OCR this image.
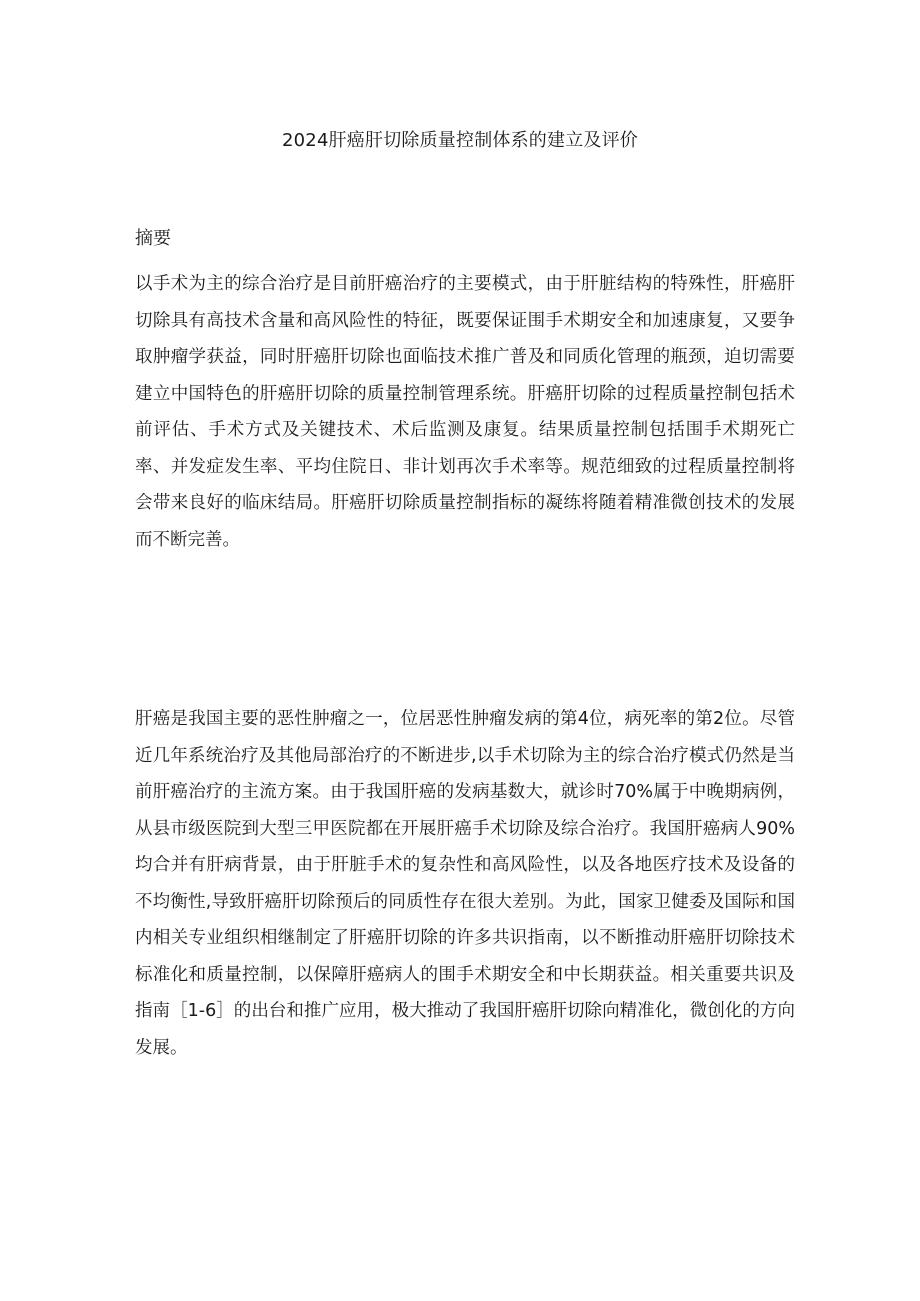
2024肝癌肝切除质量控制体系的建立及评价
摘要

以手术为主的综合治疗是目前肝癌治疗的主要模式，由于肝脏结构的特殊性，肝癌肝切除具有高技术含量和高风险性的特征，既要保证围手术期安全和加速康复，又要争取肿瘤学获益，同时肝癌肝切除也面临技术推广普及和同质化管理的瓶颈，迫切需要建立中国特色的肝癌肝切除的质量控制管理系统。肝癌肝切除的过程质量控制包括术前评估、手术方式及关键技术、术后监测及康复。结果质量控制包括围手术期死亡率、并发症发生率、平均住院日、非计划再次手术率等。规范细致的过程质量控制将会带来良好的临床结局。肝癌肝切除质量控制指标的凝练将随着精准微创技术的发展而不断完善。

肝癌是我国主要的恶性肿瘤之一，位居恶性肿瘤发病的第4位，病死率的第2位。尽管近几年系统治疗及其他局部治疗的不断进步,以手术切除为主的综合治疗模式仍然是当前肝癌治疗的主流方案。由于我国肝癌的发病基数大，就诊时70%属于中晚期病例，从县市级医院到大型三甲医院都在开展肝癌手术切除及综合治疗。我国肝癌病人90%均合并有肝病背景，由于肝脏手术的复杂性和高风险性，以及各地医疗技术及设备的不均衡性,导致肝癌肝切除预后的同质性存在很大差别。为此，国家卫健委及国际和国内相关专业组织相继制定了肝癌肝切除的许多共识指南，以不断推动肝癌肝切除技术标准化和质量控制，以保障肝癌病人的围手术期安全和中长期获益。相关重要共识及指南［1-6］的出台和推广应用，极大推动了我国肝癌肝切除向精准化，微创化的方向发展。
